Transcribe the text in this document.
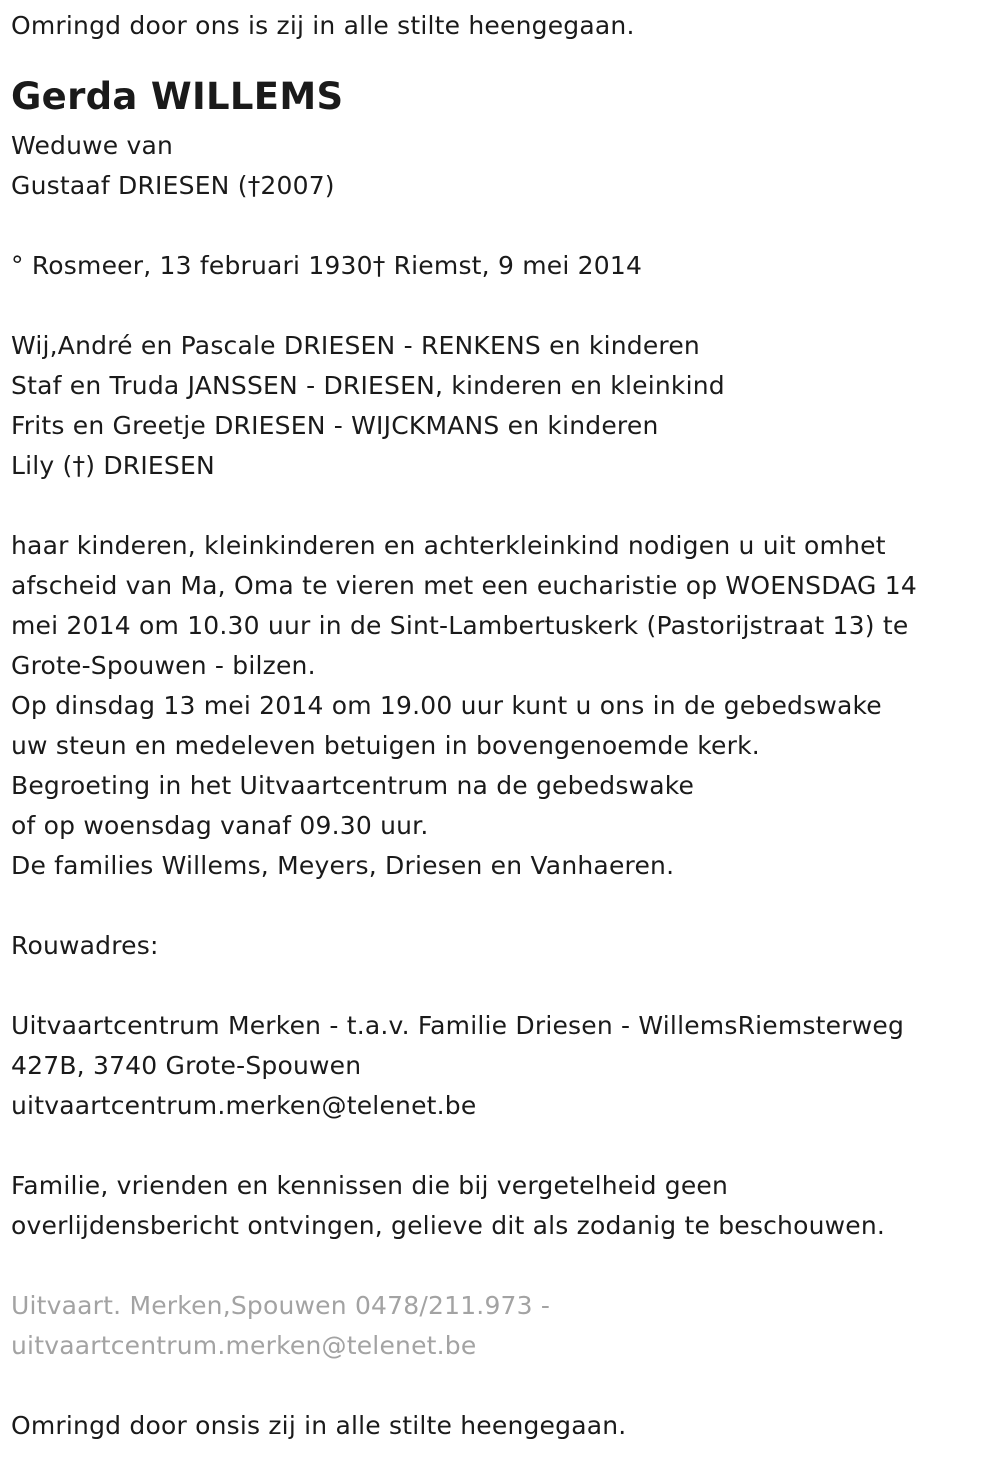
Omringd door ons is zij in alle stilte heengegaan.
Gerda WILLEMS
Weduwe van
Gustaaf DRIESEN (†2007)
° Rosmeer, 13 februari 1930† Riemst, 9 mei 2014
Wij,André en Pascale DRIESEN - RENKENS en kinderen
Staf en Truda JANSSEN - DRIESEN, kinderen en kleinkind
Frits en Greetje DRIESEN - WIJCKMANS en kinderen
Lily (†) DRIESEN
haar kinderen, kleinkinderen en achterkleinkind nodigen u uit omhet
afscheid van Ma, Oma te vieren met een eucharistie op WOENSDAG 14
mei 2014 om 10.30 uur in de Sint-Lambertuskerk (Pastorijstraat 13) te
Grote-Spouwen - bilzen.
Op dinsdag 13 mei 2014 om 19.00 uur kunt u ons in de gebedswake
uw steun en medeleven betuigen in bovengenoemde kerk.
Begroeting in het Uitvaartcentrum na de gebedswake
of op woensdag vanaf 09.30 uur.
De families Willems, Meyers, Driesen en Vanhaeren.
Rouwadres:
Uitvaartcentrum Merken - t.a.v. Familie Driesen - WillemsRiemsterweg
427B, 3740 Grote-Spouwen
uitvaartcentrum.merken@telenet.be
Familie, vrienden en kennissen die bij vergetelheid geen
overlijdensbericht ontvingen, gelieve dit als zodanig te beschouwen.
Uitvaart. Merken,Spouwen 0478/211.973 -
uitvaartcentrum.merken@telenet.be
Omringd door onsis zij in alle stilte heengegaan.
